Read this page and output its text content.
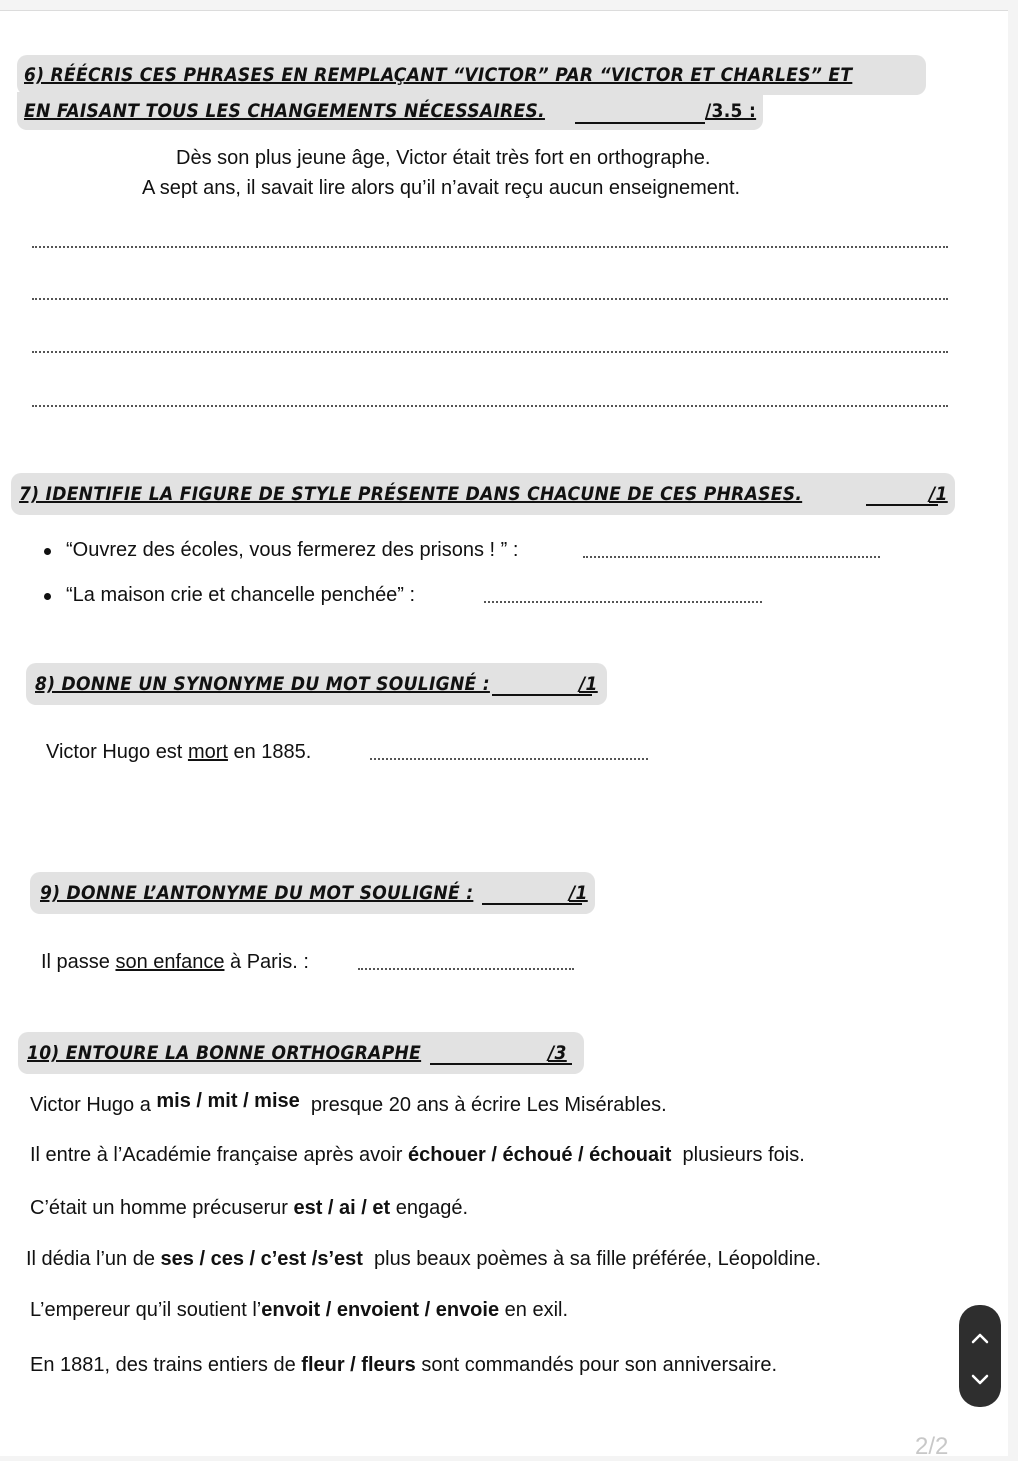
6) RÉÉCRIS CES PHRASES EN REMPLAÇANT “VICTOR” PAR “VICTOR ET CHARLES” ET
EN FAISANT TOUS LES CHANGEMENTS NÉCESSAIRES.	/3.5 :
Dès son plus jeune âge, Victor était très fort en orthographe.
A sept ans, il savait lire alors qu’il n’avait reçu aucun enseignement.
7) IDENTIFIE LA FIGURE DE STYLE PRÉSENTE DANS CHACUNE DE CES PHRASES.	/1
“Ouvrez des écoles, vous fermerez des prisons ! ” :
“La maison crie et chancelle penchée” :
8) DONNE UN SYNONYME DU MOT SOULIGNÉ :	/1
Victor Hugo est mort en 1885.
9) DONNE L’ANTONYME DU MOT SOULIGNÉ :	/1
Il passe son enfance à Paris. :
10) ENTOURE LA BONNE ORTHOGRAPHE	/3
Victor Hugo a mis / mit / mise presque 20 ans à écrire Les Misérables.
Il entre à l’Académie française après avoir échouer / échoué / échouait plusieurs fois.
C’était un homme précuserur est / ai / et engagé.
Il dédia l’un de ses / ces / c’est /s’est plus beaux poèmes à sa fille préférée, Léopoldine.
L’empereur qu’il soutient l’envoit / envoient / envoie en exil.
En 1881, des trains entiers de fleur / fleurs sont commandés pour son anniversaire.
2/2
